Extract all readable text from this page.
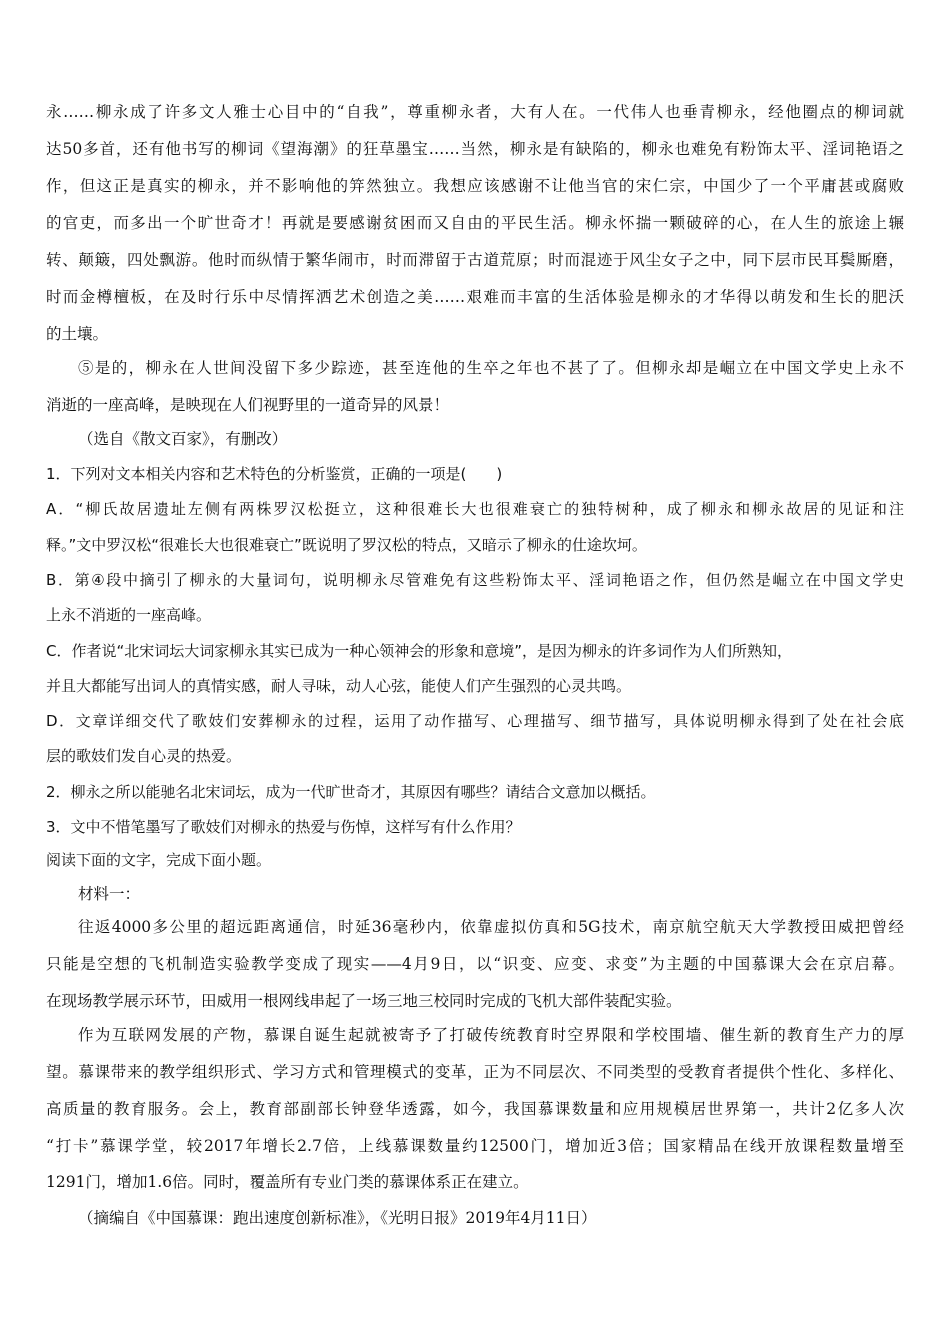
永……柳永成了许多文人雅士心目中的“自我”，尊重柳永者，大有人在。一代伟人也垂青柳永，经他圈点的柳词就
达50多首，还有他书写的柳词《望海潮》的狂草墨宝……当然，柳永是有缺陷的，柳永也难免有粉饰太平、淫词艳语之
作，但这正是真实的柳永，并不影响他的笄然独立。我想应该感谢不让他当官的宋仁宗，中国少了一个平庸甚或腐败
的官吏，而多出一个旷世奇才！再就是要感谢贫困而又自由的平民生活。柳永怀揣一颗破碎的心，在人生的旅途上辗
转、颠簸，四处飘游。他时而纵情于繁华闹市，时而滞留于古道荒原；时而混迹于风尘女子之中，同下层市民耳鬓厮磨，
时而金樽檀板，在及时行乐中尽情挥洒艺术创造之美……艰难而丰富的生活体验是柳永的才华得以萌发和生长的肥沃
的土壤。
⑤是的，柳永在人世间没留下多少踪迹，甚至连他的生卒之年也不甚了了。但柳永却是崛立在中国文学史上永不
消逝的一座高峰，是映现在人们视野里的一道奇异的风景！
（选自《散文百家》，有删改）
1．下列对文本相关内容和艺术特色的分析鉴赏，正确的一项是(　　)
A．“柳氏故居遗址左侧有两株罗汉松挺立，这种很难长大也很难衰亡的独特树种，成了柳永和柳永故居的见证和注
释。”文中罗汉松“很难长大也很难衰亡”既说明了罗汉松的特点，又暗示了柳永的仕途坎坷。
B．第④段中摘引了柳永的大量词句，说明柳永尽管难免有这些粉饰太平、淫词艳语之作，但仍然是崛立在中国文学史
上永不消逝的一座高峰。
C．作者说“北宋词坛大词家柳永其实已成为一种心领神会的形象和意境”，是因为柳永的许多词作为人们所熟知，
并且大都能写出词人的真情实感，耐人寻味，动人心弦，能使人们产生强烈的心灵共鸣。
D．文章详细交代了歌妓们安葬柳永的过程，运用了动作描写、心理描写、细节描写，具体说明柳永得到了处在社会底
层的歌妓们发自心灵的热爱。
2．柳永之所以能驰名北宋词坛，成为一代旷世奇才，其原因有哪些？请结合文意加以概括。
3．文中不惜笔墨写了歌妓们对柳永的热爱与伤悼，这样写有什么作用？
阅读下面的文字，完成下面小题。
材料一：
往返4000多公里的超远距离通信，时延36毫秒内，依靠虚拟仿真和5G技术，南京航空航天大学教授田威把曾经
只能是空想的飞机制造实验教学变成了现实——4月9日，以“识变、应变、求变”为主题的中国慕课大会在京启幕。
在现场教学展示环节，田威用一根网线串起了一场三地三校同时完成的飞机大部件装配实验。
作为互联网发展的产物，慕课自诞生起就被寄予了打破传统教育时空界限和学校围墙、催生新的教育生产力的厚
望。慕课带来的教学组织形式、学习方式和管理模式的变革，正为不同层次、不同类型的受教育者提供个性化、多样化、
高质量的教育服务。会上，教育部副部长钟登华透露，如今，我国慕课数量和应用规模居世界第一，共计2亿多人次
“打卡”慕课学堂，较2017年增长2.7倍，上线慕课数量约12500门，增加近3倍；国家精品在线开放课程数量增至
1291门，增加1.6倍。同时，覆盖所有专业门类的慕课体系正在建立。
（摘编自《中国慕课：跑出速度创新标准》，《光明日报》2019年4月11日）
